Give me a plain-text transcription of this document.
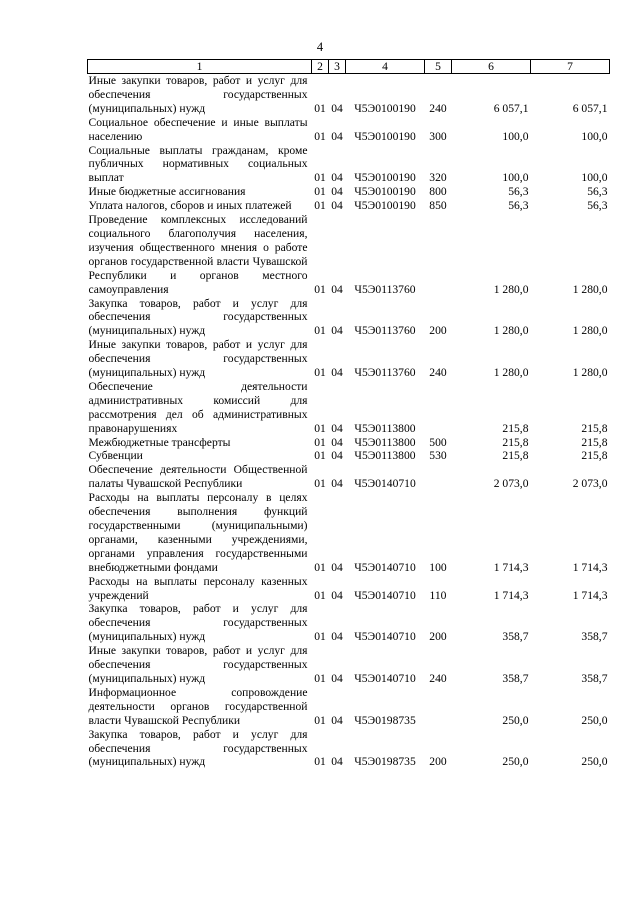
4
1	2	3	4	5	6	7
Иные закупки товаров, работ и услуг для обеспечения государственных (муниципальных) нужд	01	04	Ч5Э0100190	240	6 057,1	6 057,1
Социальное обеспечение и иные выплаты населению	01	04	Ч5Э0100190	300	100,0	100,0
Социальные выплаты гражданам, кроме публичных нормативных социальных выплат	01	04	Ч5Э0100190	320	100,0	100,0
Иные бюджетные ассигнования	01	04	Ч5Э0100190	800	56,3	56,3
Уплата налогов, сборов и иных платежей	01	04	Ч5Э0100190	850	56,3	56,3
Проведение комплексных исследований социального благополучия населения, изучения общественного мнения о работе органов государственной власти Чувашской Республики и органов местного самоуправления	01	04	Ч5Э0113760		1 280,0	1 280,0
Закупка товаров, работ и услуг для обеспечения государственных (муниципальных) нужд	01	04	Ч5Э0113760	200	1 280,0	1 280,0
Иные закупки товаров, работ и услуг для обеспечения государственных (муниципальных) нужд	01	04	Ч5Э0113760	240	1 280,0	1 280,0
Обеспечение деятельности административных комиссий для рассмотрения дел об административных правонарушениях	01	04	Ч5Э0113800		215,8	215,8
Межбюджетные трансферты	01	04	Ч5Э0113800	500	215,8	215,8
Субвенции	01	04	Ч5Э0113800	530	215,8	215,8
Обеспечение деятельности Общественной палаты Чувашской Республики	01	04	Ч5Э0140710		2 073,0	2 073,0
Расходы на выплаты персоналу в целях обеспечения выполнения функций государственными (муниципальными) органами, казенными учреждениями, органами управления государственными внебюджетными фондами	01	04	Ч5Э0140710	100	1 714,3	1 714,3
Расходы на выплаты персоналу казенных учреждений	01	04	Ч5Э0140710	110	1 714,3	1 714,3
Закупка товаров, работ и услуг для обеспечения государственных (муниципальных) нужд	01	04	Ч5Э0140710	200	358,7	358,7
Иные закупки товаров, работ и услуг для обеспечения государственных (муниципальных) нужд	01	04	Ч5Э0140710	240	358,7	358,7
Информационное сопровождение деятельности органов государственной власти Чувашской Республики	01	04	Ч5Э0198735		250,0	250,0
Закупка товаров, работ и услуг для обеспечения государственных (муниципальных) нужд	01	04	Ч5Э0198735	200	250,0	250,0
